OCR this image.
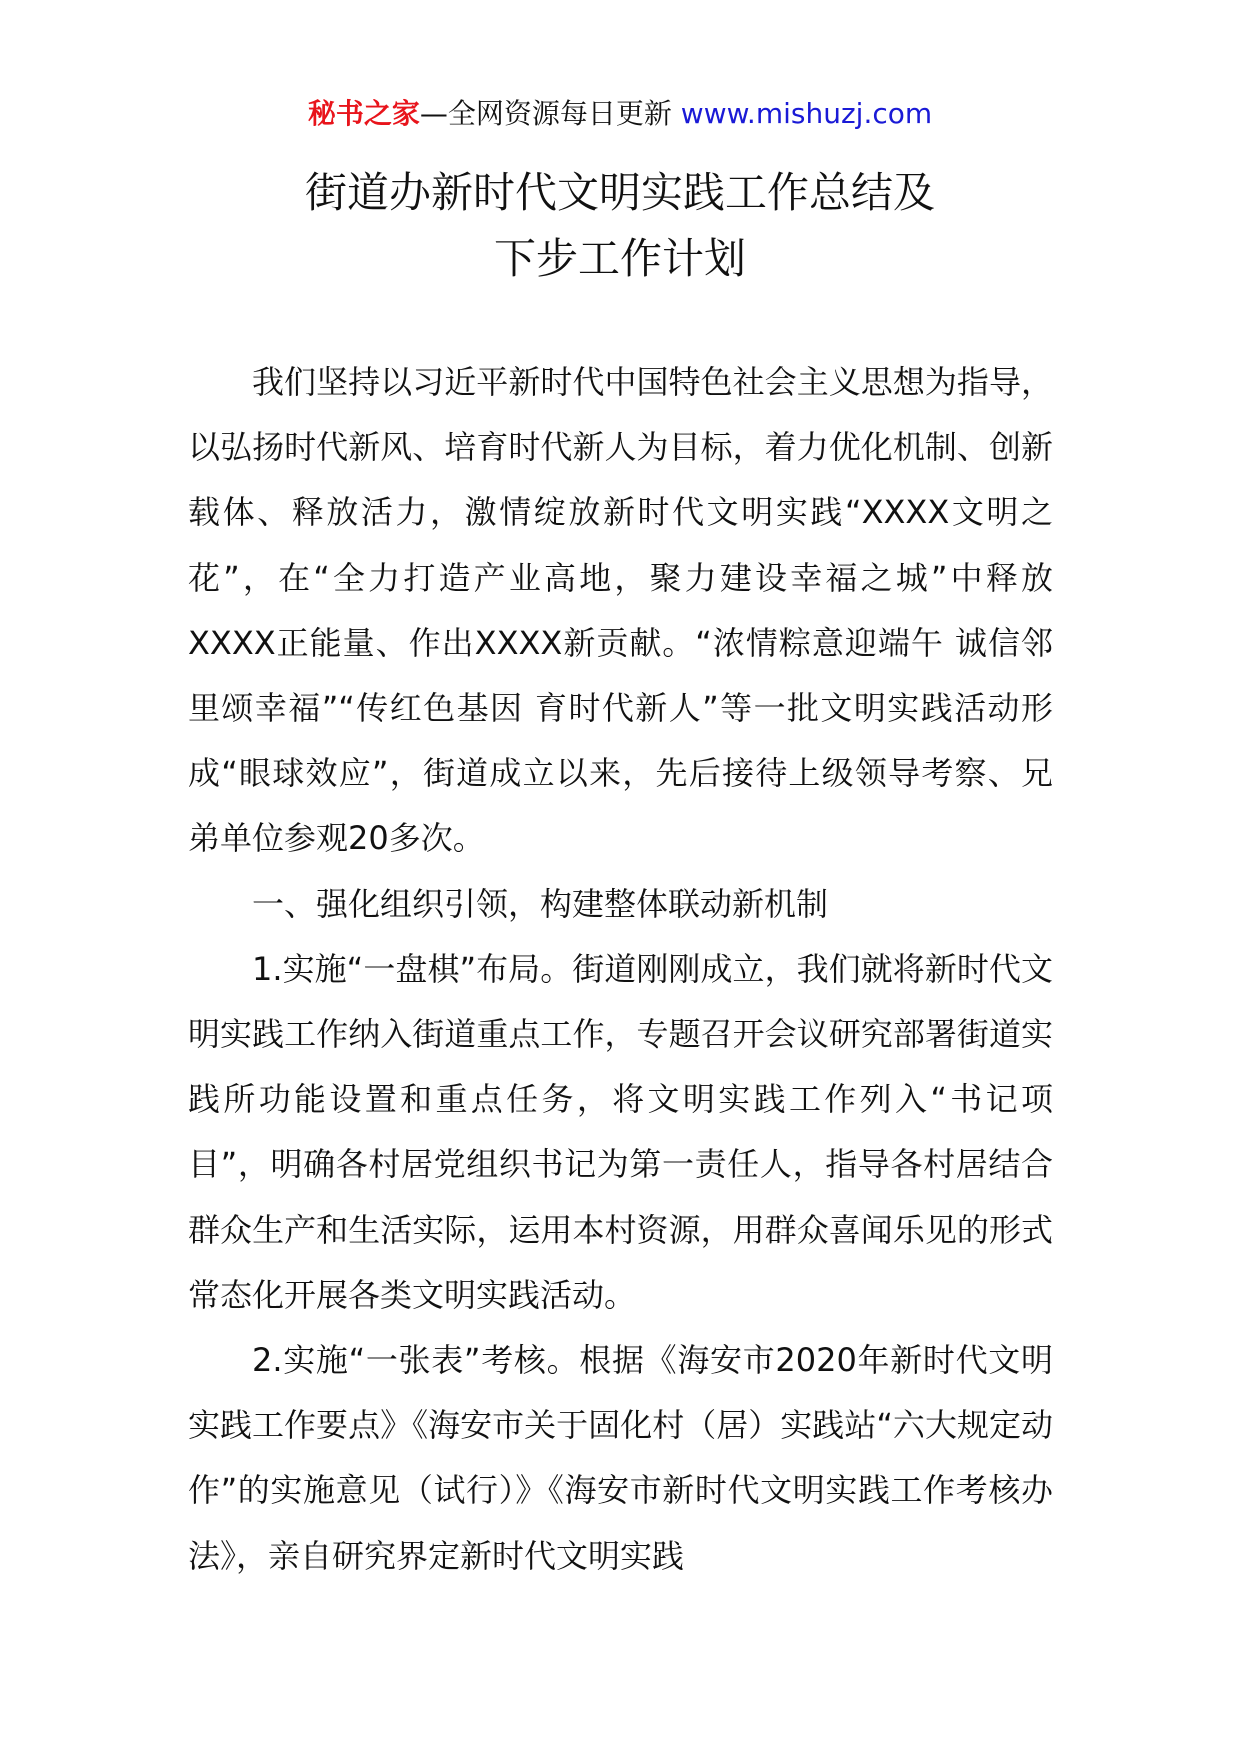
秘书之家—全网资源每日更新 www.mishuzj.com
街道办新时代文明实践工作总结及
下步工作计划

我们坚持以习近平新时代中国特色社会主义思想为指导，以弘扬时代新风、培育时代新人为目标，着力优化机制、创新载体、释放活力，激情绽放新时代文明实践“XXXX文明之花”，在“全力打造产业高地，聚力建设幸福之城”中释放XXXX正能量、作出XXXX新贡献。“浓情粽意迎端午 诚信邻里颂幸福”“传红色基因 育时代新人”等一批文明实践活动形成“眼球效应”，街道成立以来，先后接待上级领导考察、兄弟单位参观20多次。

一、强化组织引领，构建整体联动新机制

1.实施“一盘棋”布局。街道刚刚成立，我们就将新时代文明实践工作纳入街道重点工作，专题召开会议研究部署街道实践所功能设置和重点任务，将文明实践工作列入“书记项目”，明确各村居党组织书记为第一责任人，指导各村居结合群众生产和生活实际，运用本村资源，用群众喜闻乐见的形式常态化开展各类文明实践活动。

2.实施“一张表”考核。根据《海安市2020年新时代文明实践工作要点》《海安市关于固化村（居）实践站“六大规定动作”的实施意见（试行）》《海安市新时代文明实践工作考核办法》，亲自研究界定新时代文明实践
